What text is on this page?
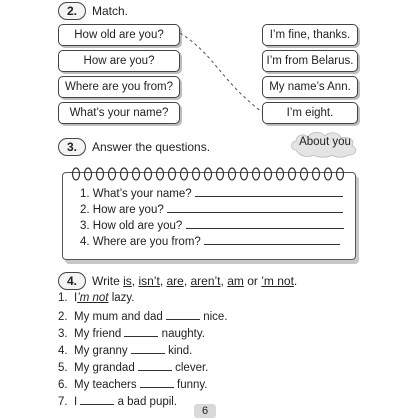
2.	Match.
How old are you?
How are you?
Where are you from?
What’s your name?
I’m fine, thanks.
I’m from Belarus.
My name’s Ann.
I’m eight.
3.	Answer the questions.	About you
1. What’s your name?
2. How are you?
3. How old are you?
4. Where are you from?
4.	Write is, isn’t, are, aren’t, am or ’m not.
1. I’m not lazy.
2. My mum and dad	nice.
3. My friend	naughty.
4. My granny	kind.
5. My grandad	clever.
6. My teachers	funny.
7. I	a bad pupil.
6
